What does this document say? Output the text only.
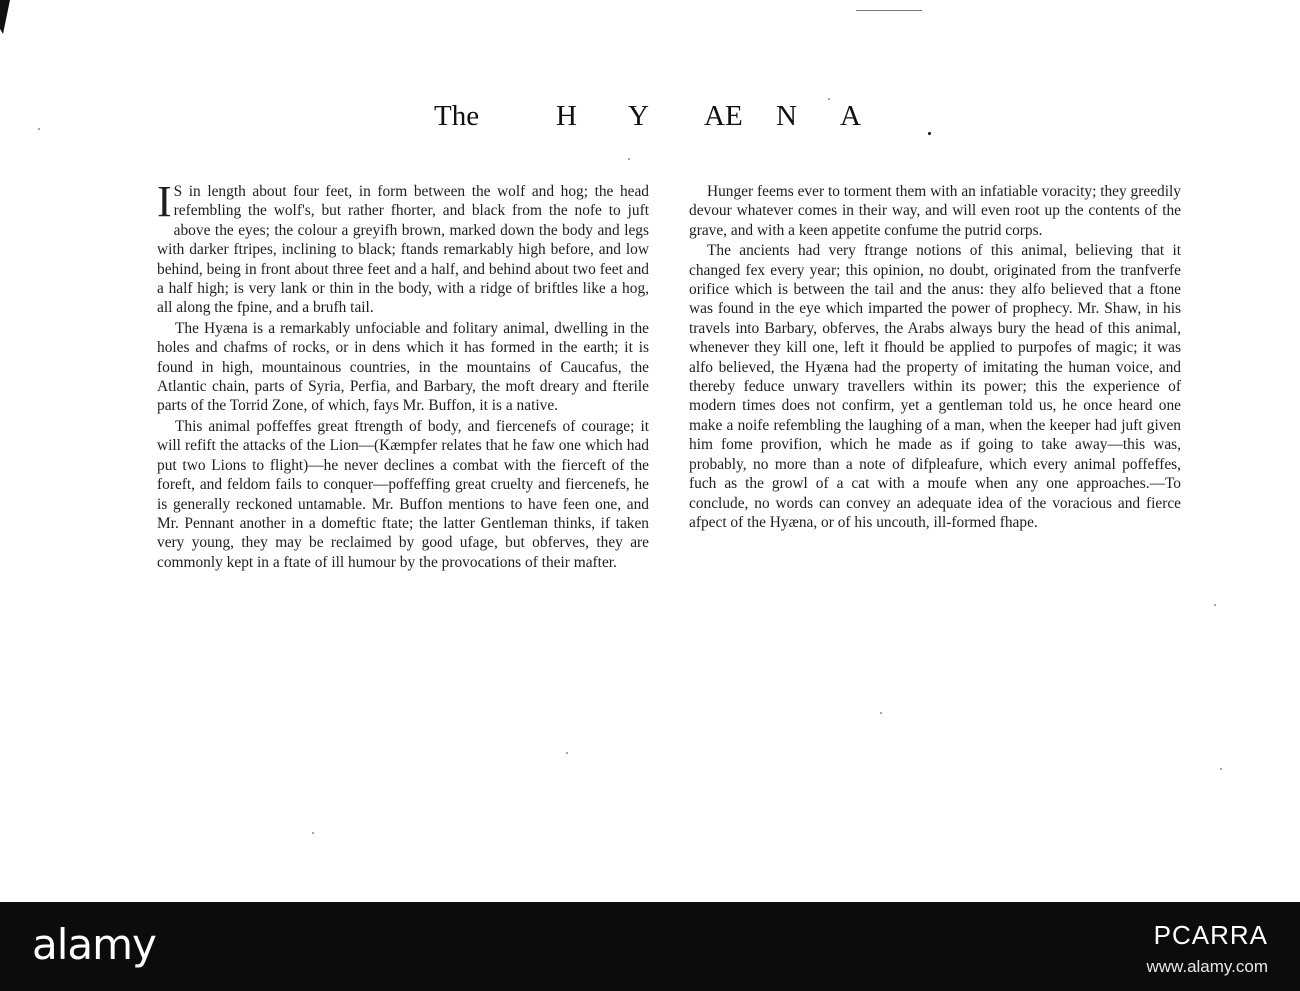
The	H	Y	AE	N	A

I S in length about four feet, in form between the wolf and hog; the head refembling the wolf's, but rather fhorter, and black from the nofe to juft above the eyes; the colour a greyifh brown, marked down the body and legs with darker ftripes, inclining to black; ftands remarkably high before, and low behind, being in front about three feet and a half, and behind about two feet and a half high; is very lank or thin in the body, with a ridge of briftles like a hog, all along the fpine, and a brufh tail.

The Hyæna is a remarkably unfociable and folitary animal, dwelling in the holes and chafms of rocks, or in dens which it has formed in the earth; it is found in high, mountainous countries, in the mountains of Caucafus, the Atlantic chain, parts of Syria, Perfia, and Barbary, the moft dreary and fterile parts of the Torrid Zone, of which, fays Mr. Buffon, it is a native.

This animal poffeffes great ftrength of body, and fiercenefs of courage; it will refift the attacks of the Lion—(Kæmpfer relates that he faw one which had put two Lions to flight)—he never declines a combat with the fierceft of the foreft, and feldom fails to conquer—poffeffing great cruelty and fiercenefs, he is generally reckoned untamable. Mr. Buffon mentions to have feen one, and Mr. Pennant another in a domeftic ftate; the latter Gentleman thinks, if taken very young, they may be reclaimed by good ufage, but obferves, they are commonly kept in a ftate of ill humour by the provocations of their mafter.

Hunger feems ever to torment them with an infatiable voracity; they greedily devour whatever comes in their way, and will even root up the contents of the grave, and with a keen appetite confume the putrid corps.

The ancients had very ftrange notions of this animal, believing that it changed fex every year; this opinion, no doubt, originated from the tranfverfe orifice which is between the tail and the anus: they alfo believed that a ftone was found in the eye which imparted the power of prophecy. Mr. Shaw, in his travels into Barbary, obferves, the Arabs always bury the head of this animal, whenever they kill one, left it fhould be applied to purpofes of magic; it was alfo believed, the Hyæna had the property of imitating the human voice, and thereby feduce unwary travellers within its power; this the experience of modern times does not confirm, yet a gentleman told us, he once heard one make a noife refembling the laughing of a man, when the keeper had juft given him fome provifion, which he made as if going to take away—this was, probably, no more than a note of difpleafure, which every animal poffeffes, fuch as the growl of a cat with a moufe when any one approaches.—To conclude, no words can convey an adequate idea of the voracious and fierce afpect of the Hyæna, or of his uncouth, ill-formed fhape.

alamy	PCARRA
www.alamy.com
